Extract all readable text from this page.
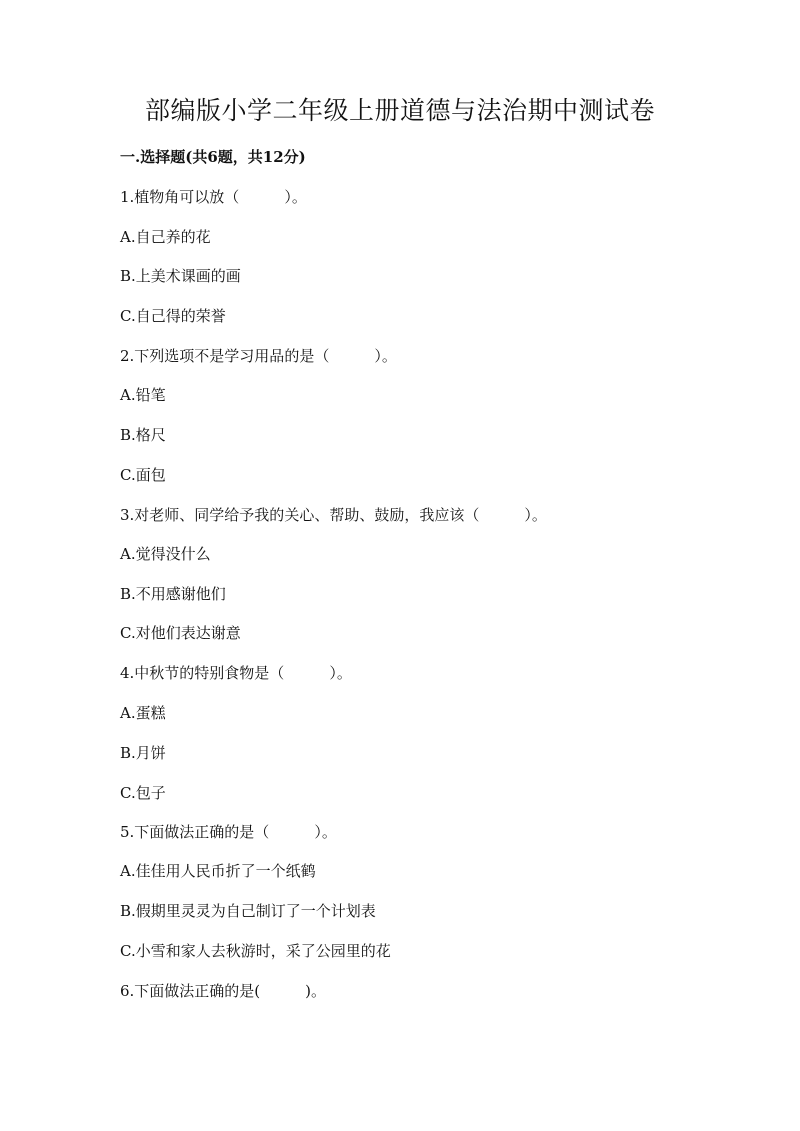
部编版小学二年级上册道德与法治期中测试卷
一.选择题(共6题，共12分)
1.植物角可以放（　　　）。
A.自己养的花
B.上美术课画的画
C.自己得的荣誉
2.下列选项不是学习用品的是（　　　）。
A.铅笔
B.格尺
C.面包
3.对老师、同学给予我的关心、帮助、鼓励，我应该（　　　）。
A.觉得没什么
B.不用感谢他们
C.对他们表达谢意
4.中秋节的特别食物是（　　　）。
A.蛋糕
B.月饼
C.包子
5.下面做法正确的是（　　　）。
A.佳佳用人民币折了一个纸鹤
B.假期里灵灵为自己制订了一个计划表
C.小雪和家人去秋游时，采了公园里的花
6.下面做法正确的是(　　　)。
